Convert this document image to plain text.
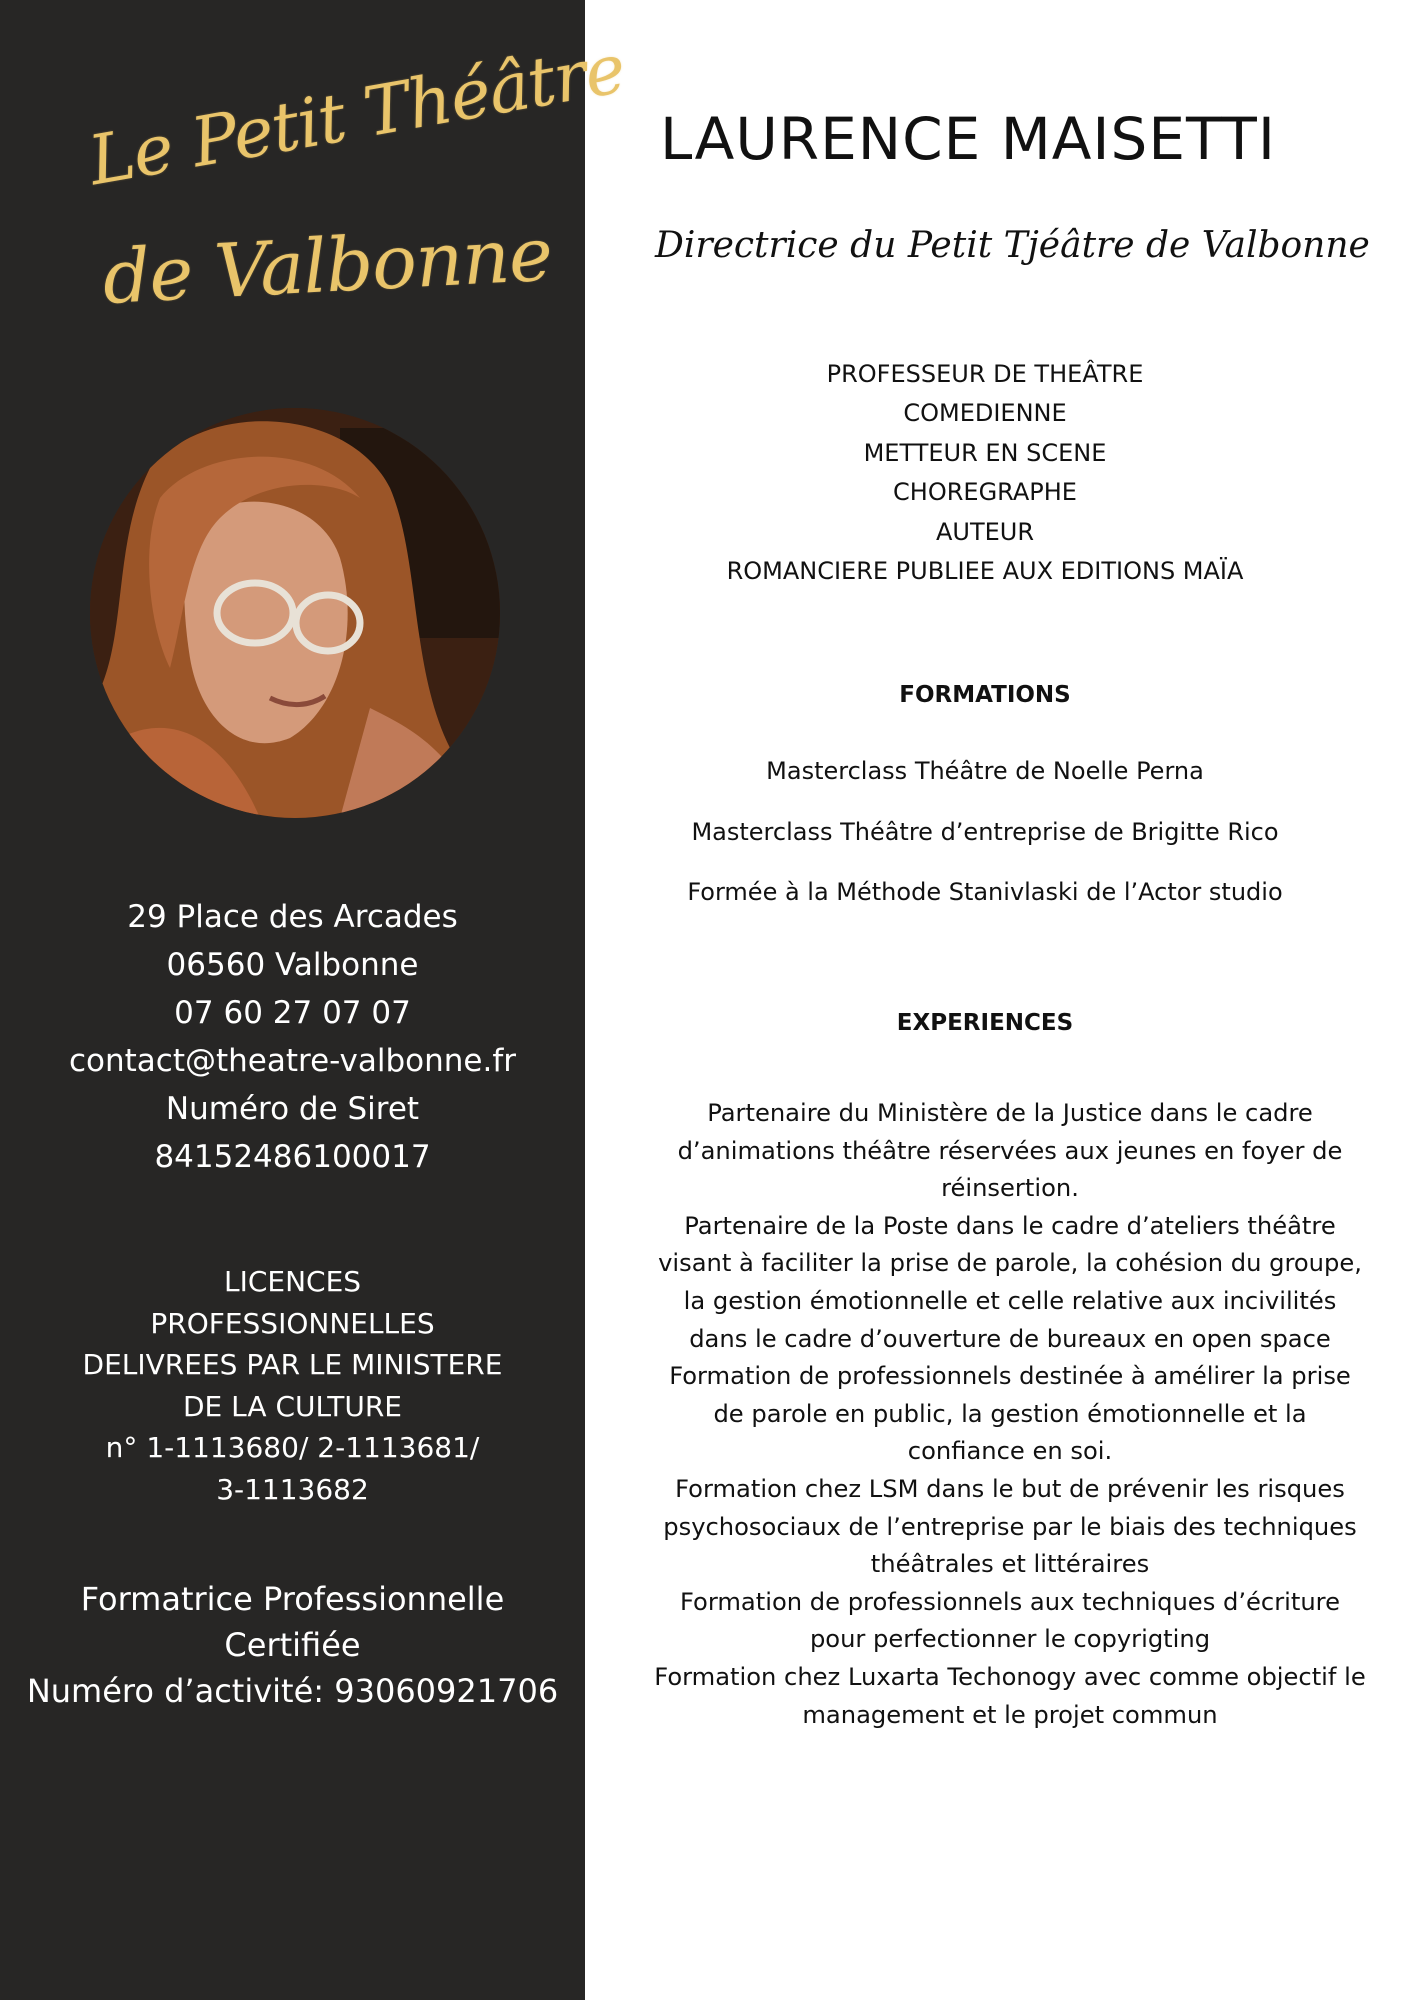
Le Petit Théâtre
de Valbonne
29 Place des Arcades
06560 Valbonne
07 60 27 07 07
contact@theatre-valbonne.fr
Numéro de Siret
84152486100017
LICENCES
PROFESSIONNELLES
DELIVREES PAR LE MINISTERE
DE LA CULTURE
n° 1-1113680/ 2-1113681/
3-1113682
Formatrice Professionnelle
Certifiée
Numéro d’activité: 93060921706
LAURENCE MAISETTI
Directrice du Petit Tjéâtre de Valbonne
PROFESSEUR DE THEÂTRE
COMEDIENNE
METTEUR EN SCENE
CHOREGRAPHE
AUTEUR
ROMANCIERE PUBLIEE AUX EDITIONS MAÏA
FORMATIONS
Masterclass Théâtre de Noelle Perna
Masterclass Théâtre d’entreprise de Brigitte Rico
Formée à la Méthode Stanivlaski de l’Actor studio
EXPERIENCES
Partenaire du Ministère de la Justice dans le cadre d’animations théâtre réservées aux jeunes en foyer de réinsertion.
Partenaire de la Poste dans le cadre d’ateliers théâtre visant à faciliter la prise de parole, la cohésion du groupe, la gestion émotionnelle et celle relative aux incivilités dans le cadre d’ouverture de bureaux en open space
Formation de professionnels destinée à amélirer la prise de parole en public, la gestion émotionnelle et la confiance en soi.
Formation chez LSM dans le but de prévenir les risques psychosociaux de l’entreprise par le biais des techniques théâtrales et littéraires
Formation de professionnels aux techniques d’écriture pour perfectionner le copyrigting
Formation chez Luxarta Techonogy avec comme objectif le management et le projet commun
